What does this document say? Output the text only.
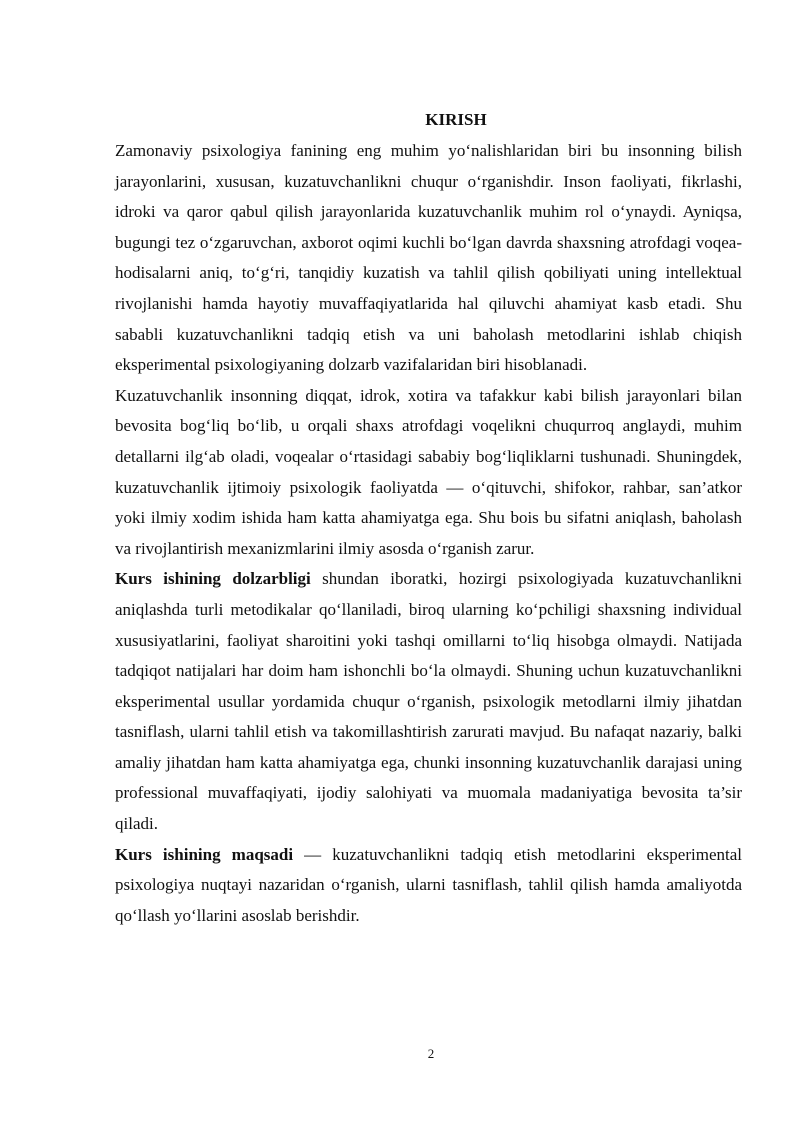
KIRISH

Zamonaviy psixologiya fanining eng muhim yo‘nalishlaridan biri bu insonning bilish jarayonlarini, xususan, kuzatuvchanlikni chuqur o‘rganishdir. Inson faoliyati, fikrlashi, idroki va qaror qabul qilish jarayonlarida kuzatuvchanlik muhim rol o‘ynaydi. Ayniqsa, bugungi tez o‘zgaruvchan, axborot oqimi kuchli bo‘lgan davrda shaxsning atrofdagi voqea-hodisalarni aniq, to‘g‘ri, tanqidiy kuzatish va tahlil qilish qobiliyati uning intellektual rivojlanishi hamda hayotiy muvaffaqiyatlarida hal qiluvchi ahamiyat kasb etadi. Shu sababli kuzatuvchanlikni tadqiq etish va uni baholash metodlarini ishlab chiqish eksperimental psixologiyaning dolzarb vazifalaridan biri hisoblanadi.

Kuzatuvchanlik insonning diqqat, idrok, xotira va tafakkur kabi bilish jarayonlari bilan bevosita bog‘liq bo‘lib, u orqali shaxs atrofdagi voqelikni chuqurroq anglaydi, muhim detallarni ilg‘ab oladi, voqealar o‘rtasidagi sababiy bog‘liqliklarni tushunadi. Shuningdek, kuzatuvchanlik ijtimoiy psixologik faoliyatda — o‘qituvchi, shifokor, rahbar, san’atkor yoki ilmiy xodim ishida ham katta ahamiyatga ega. Shu bois bu sifatni aniqlash, baholash va rivojlantirish mexanizmlarini ilmiy asosda o‘rganish zarur.

Kurs ishining dolzarbligi shundan iboratki, hozirgi psixologiyada kuzatuvchanlikni aniqlashda turli metodikalar qo‘llaniladi, biroq ularning ko‘pchiligi shaxsning individual xususiyatlarini, faoliyat sharoitini yoki tashqi omillarni to‘liq hisobga olmaydi. Natijada tadqiqot natijalari har doim ham ishonchli bo‘la olmaydi. Shuning uchun kuzatuvchanlikni eksperimental usullar yordamida chuqur o‘rganish, psixologik metodlarni ilmiy jihatdan tasniflash, ularni tahlil etish va takomillashtirish zarurati mavjud. Bu nafaqat nazariy, balki amaliy jihatdan ham katta ahamiyatga ega, chunki insonning kuzatuvchanlik darajasi uning professional muvaffaqiyati, ijodiy salohiyati va muomala madaniyatiga bevosita ta’sir qiladi.

Kurs ishining maqsadi — kuzatuvchanlikni tadqiq etish metodlarini eksperimental psixologiya nuqtayi nazaridan o‘rganish, ularni tasniflash, tahlil qilish hamda amaliyotda qo‘llash yo‘llarini asoslab berishdir.

2
